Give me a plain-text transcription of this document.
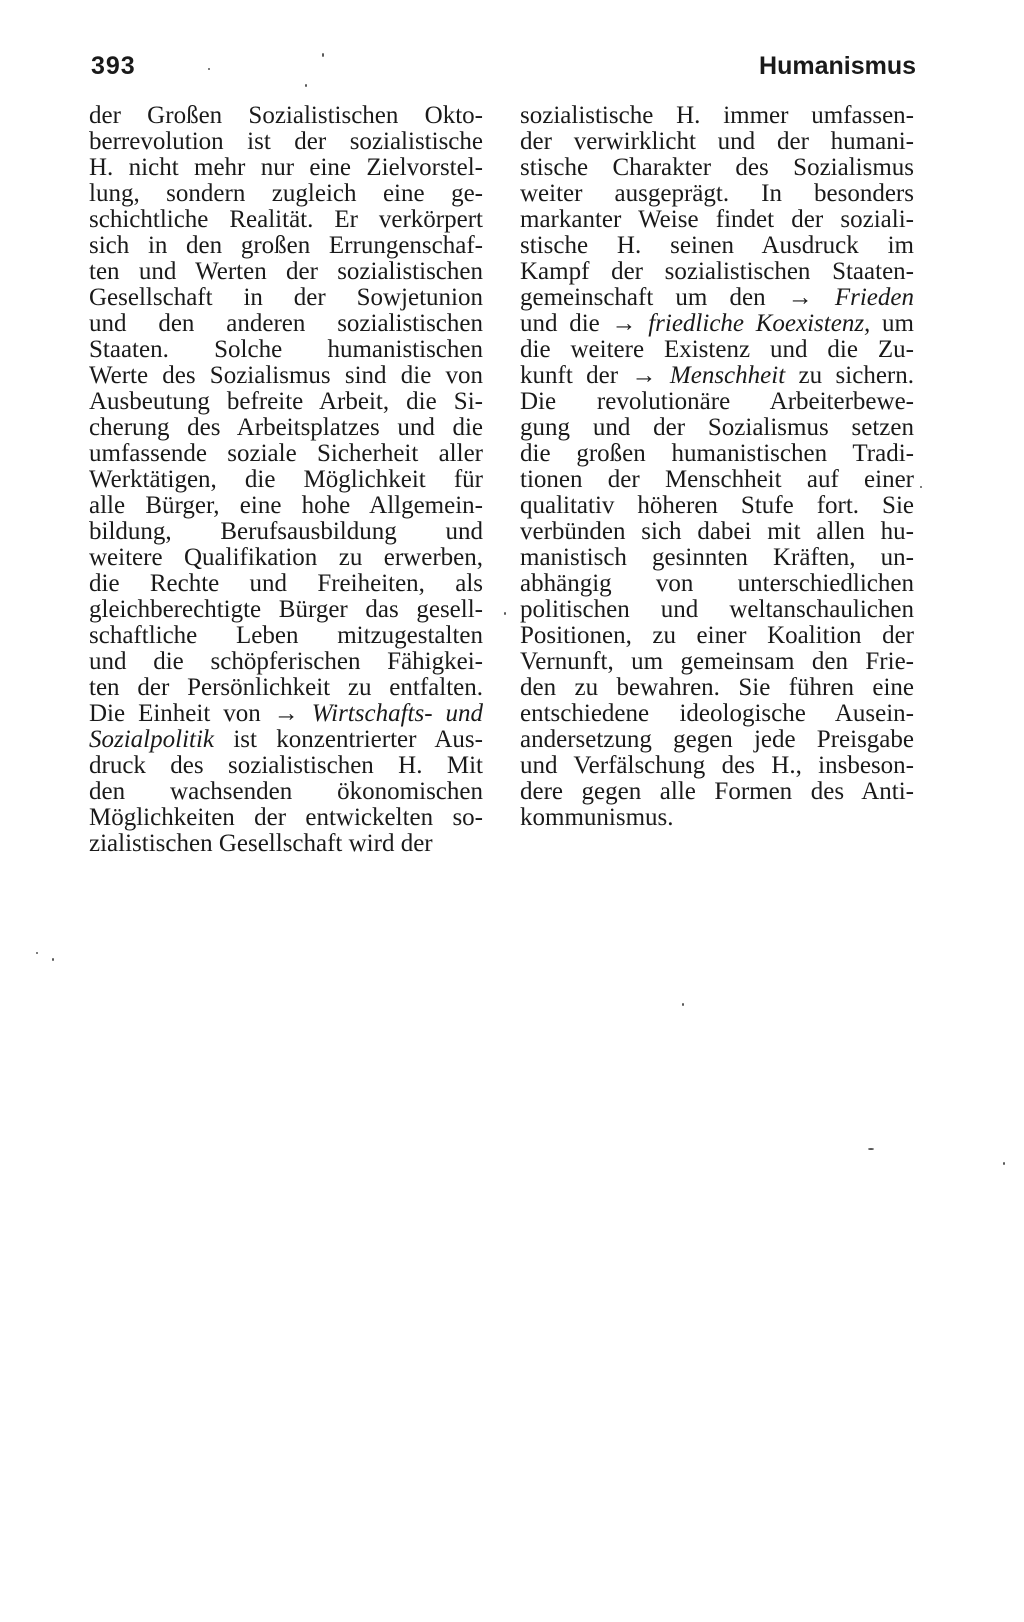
393	Humanismus

der Großen Sozialistischen Okto-
berrevolution ist der sozialistische
H. nicht mehr nur eine Zielvorstel-
lung, sondern zugleich eine ge-
schichtliche Realität. Er verkörpert
sich in den großen Errungenschaf-
ten und Werten der sozialistischen
Gesellschaft in der Sowjetunion
und den anderen sozialistischen
Staaten. Solche humanistischen
Werte des Sozialismus sind die von
Ausbeutung befreite Arbeit, die Si-
cherung des Arbeitsplatzes und die
umfassende soziale Sicherheit aller
Werktätigen, die Möglichkeit für
alle Bürger, eine hohe Allgemein-
bildung, Berufsausbildung und
weitere Qualifikation zu erwerben,
die Rechte und Freiheiten, als
gleichberechtigte Bürger das gesell-
schaftliche Leben mitzugestalten
und die schöpferischen Fähigkei-
ten der Persönlichkeit zu entfalten.
Die Einheit von → Wirtschafts- und
Sozialpolitik ist konzentrierter Aus-
druck des sozialistischen H. Mit
den wachsenden ökonomischen
Möglichkeiten der entwickelten so-
zialistischen Gesellschaft wird der
sozialistische H. immer umfassen-
der verwirklicht und der humani-
stische Charakter des Sozialismus
weiter ausgeprägt. In besonders
markanter Weise findet der soziali-
stische H. seinen Ausdruck im
Kampf der sozialistischen Staaten-
gemeinschaft um den → Frieden
und die → friedliche Koexistenz, um
die weitere Existenz und die Zu-
kunft der → Menschheit zu sichern.
Die revolutionäre Arbeiterbewe-
gung und der Sozialismus setzen
die großen humanistischen Tradi-
tionen der Menschheit auf einer
qualitativ höheren Stufe fort. Sie
verbünden sich dabei mit allen hu-
manistisch gesinnten Kräften, un-
abhängig von unterschiedlichen
politischen und weltanschaulichen
Positionen, zu einer Koalition der
Vernunft, um gemeinsam den Frie-
den zu bewahren. Sie führen eine
entschiedene ideologische Ausein-
andersetzung gegen jede Preisgabe
und Verfälschung des H., insbeson-
dere gegen alle Formen des Anti-
kommunismus.
